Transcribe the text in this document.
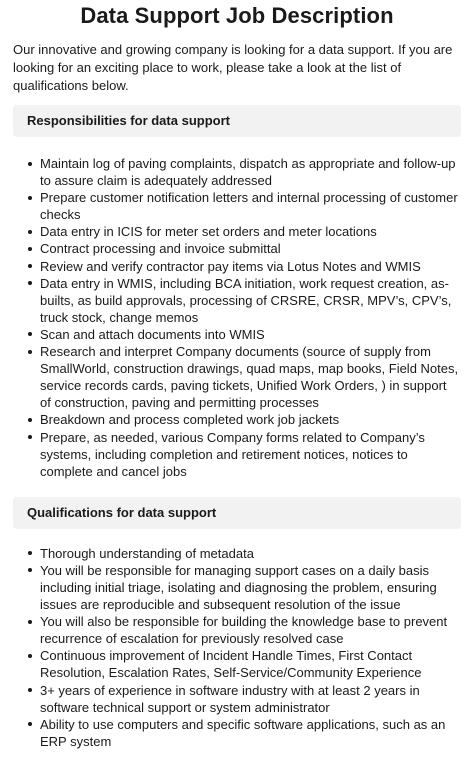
Data Support Job Description

Our innovative and growing company is looking for a data support. If you are looking for an exciting place to work, please take a look at the list of qualifications below.

Responsibilities for data support
Maintain log of paving complaints, dispatch as appropriate and follow-up to assure claim is adequately addressed
Prepare customer notification letters and internal processing of customer checks
Data entry in ICIS for meter set orders and meter locations
Contract processing and invoice submittal
Review and verify contractor pay items via Lotus Notes and WMIS
Data entry in WMIS, including BCA initiation, work request creation, as-builts, as build approvals, processing of CRSRE, CRSR, MPV’s, CPV’s, truck stock, change memos
Scan and attach documents into WMIS
Research and interpret Company documents (source of supply from SmallWorld, construction drawings, quad maps, map books, Field Notes, service records cards, paving tickets, Unified Work Orders, ) in support of construction, paving and permitting processes
Breakdown and process completed work job jackets
Prepare, as needed, various Company forms related to Company’s systems, including completion and retirement notices, notices to complete and cancel jobs
Qualifications for data support
Thorough understanding of metadata
You will be responsible for managing support cases on a daily basis including initial triage, isolating and diagnosing the problem, ensuring issues are reproducible and subsequent resolution of the issue
You will also be responsible for building the knowledge base to prevent recurrence of escalation for previously resolved case
Continuous improvement of Incident Handle Times, First Contact Resolution, Escalation Rates, Self-Service/Community Experience
3+ years of experience in software industry with at least 2 years in software technical support or system administrator
Ability to use computers and specific software applications, such as an ERP system
